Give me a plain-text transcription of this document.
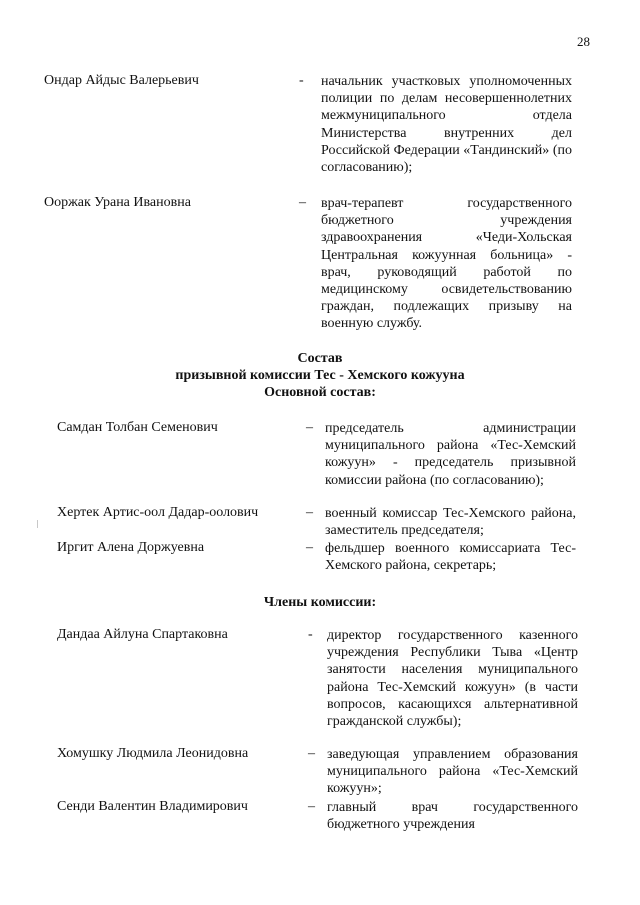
28
Ондар Айдыс Валерьевич	- начальник участковых уполномоченных полиции по делам несовершеннолетних межмуниципального отдела Министерства внутренних дел Российской Федерации «Тандинский» (по согласованию);
Ооржак Урана Ивановна	– врач-терапевт государственного бюджетного учреждения здравоохранения «Чеди-Хольская Центральная кожуунная больница» - врач, руководящий работой по медицинскому освидетельствованию граждан, подлежащих призыву на военную службу.
Состав
призывной комиссии Тес - Хемского кожууна
Основной состав:
Самдан Толбан Семенович	– председатель администрации муниципального района «Тес-Хемский кожуун» - председатель призывной комиссии района (по согласованию);
Хертек Артис-оол Дадар-оолович	– военный комиссар Тес-Хемского района, заместитель председателя;
|
Иргит Алена Доржуевна	– фельдшер военного комиссариата Тес-Хемского района, секретарь;
Члены комиссии:
Дандаа Айлуна Спартаковна	- директор государственного казенного учреждения Республики Тыва «Центр занятости населения муниципального района Тес-Хемский кожуун» (в части вопросов, касающихся альтернативной гражданской службы);
Хомушку Людмила Леонидовна	– заведующая управлением образования муниципального района «Тес-Хемский кожуун»;
Сенди Валентин Владимирович	– главный врач государственного бюджетного учреждения
